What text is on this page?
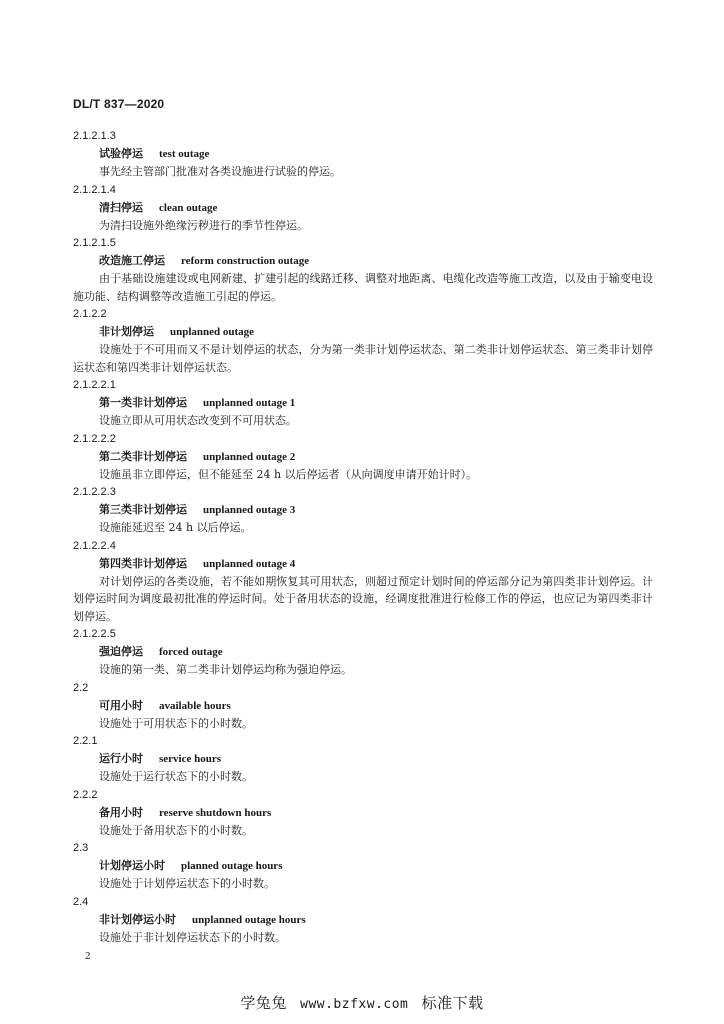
DL/T 837—2020
2.1.2.1.3
试验停运 test outage
事先经主管部门批准对各类设施进行试验的停运。
2.1.2.1.4
清扫停运 clean outage
为清扫设施外绝缘污秽进行的季节性停运。
2.1.2.1.5
改造施工停运 reform construction outage
由于基础设施建设或电网新建、扩建引起的线路迁移、调整对地距离、电缆化改造等施工改造，以及由于输变电设施功能、结构调整等改造施工引起的停运。
2.1.2.2
非计划停运 unplanned outage
设施处于不可用而又不是计划停运的状态，分为第一类非计划停运状态、第二类非计划停运状态、第三类非计划停运状态和第四类非计划停运状态。
2.1.2.2.1
第一类非计划停运 unplanned outage 1
设施立即从可用状态改变到不可用状态。
2.1.2.2.2
第二类非计划停运 unplanned outage 2
设施虽非立即停运，但不能延至 24 h 以后停运者（从向调度申请开始计时）。
2.1.2.2.3
第三类非计划停运 unplanned outage 3
设施能延迟至 24 h 以后停运。
2.1.2.2.4
第四类非计划停运 unplanned outage 4
对计划停运的各类设施，若不能如期恢复其可用状态，则超过预定计划时间的停运部分记为第四类非计划停运。计划停运时间为调度最初批准的停运时间。处于备用状态的设施，经调度批准进行检修工作的停运，也应记为第四类非计划停运。
2.1.2.2.5
强迫停运 forced outage
设施的第一类、第二类非计划停运均称为强迫停运。
2.2
可用小时 available hours
设施处于可用状态下的小时数。
2.2.1
运行小时 service hours
设施处于运行状态下的小时数。
2.2.2
备用小时 reserve shutdown hours
设施处于备用状态下的小时数。
2.3
计划停运小时 planned outage hours
设施处于计划停运状态下的小时数。
2.4
非计划停运小时 unplanned outage hours
设施处于非计划停运状态下的小时数。
2
学兔兔 www.bzfxw.com 标准下载
